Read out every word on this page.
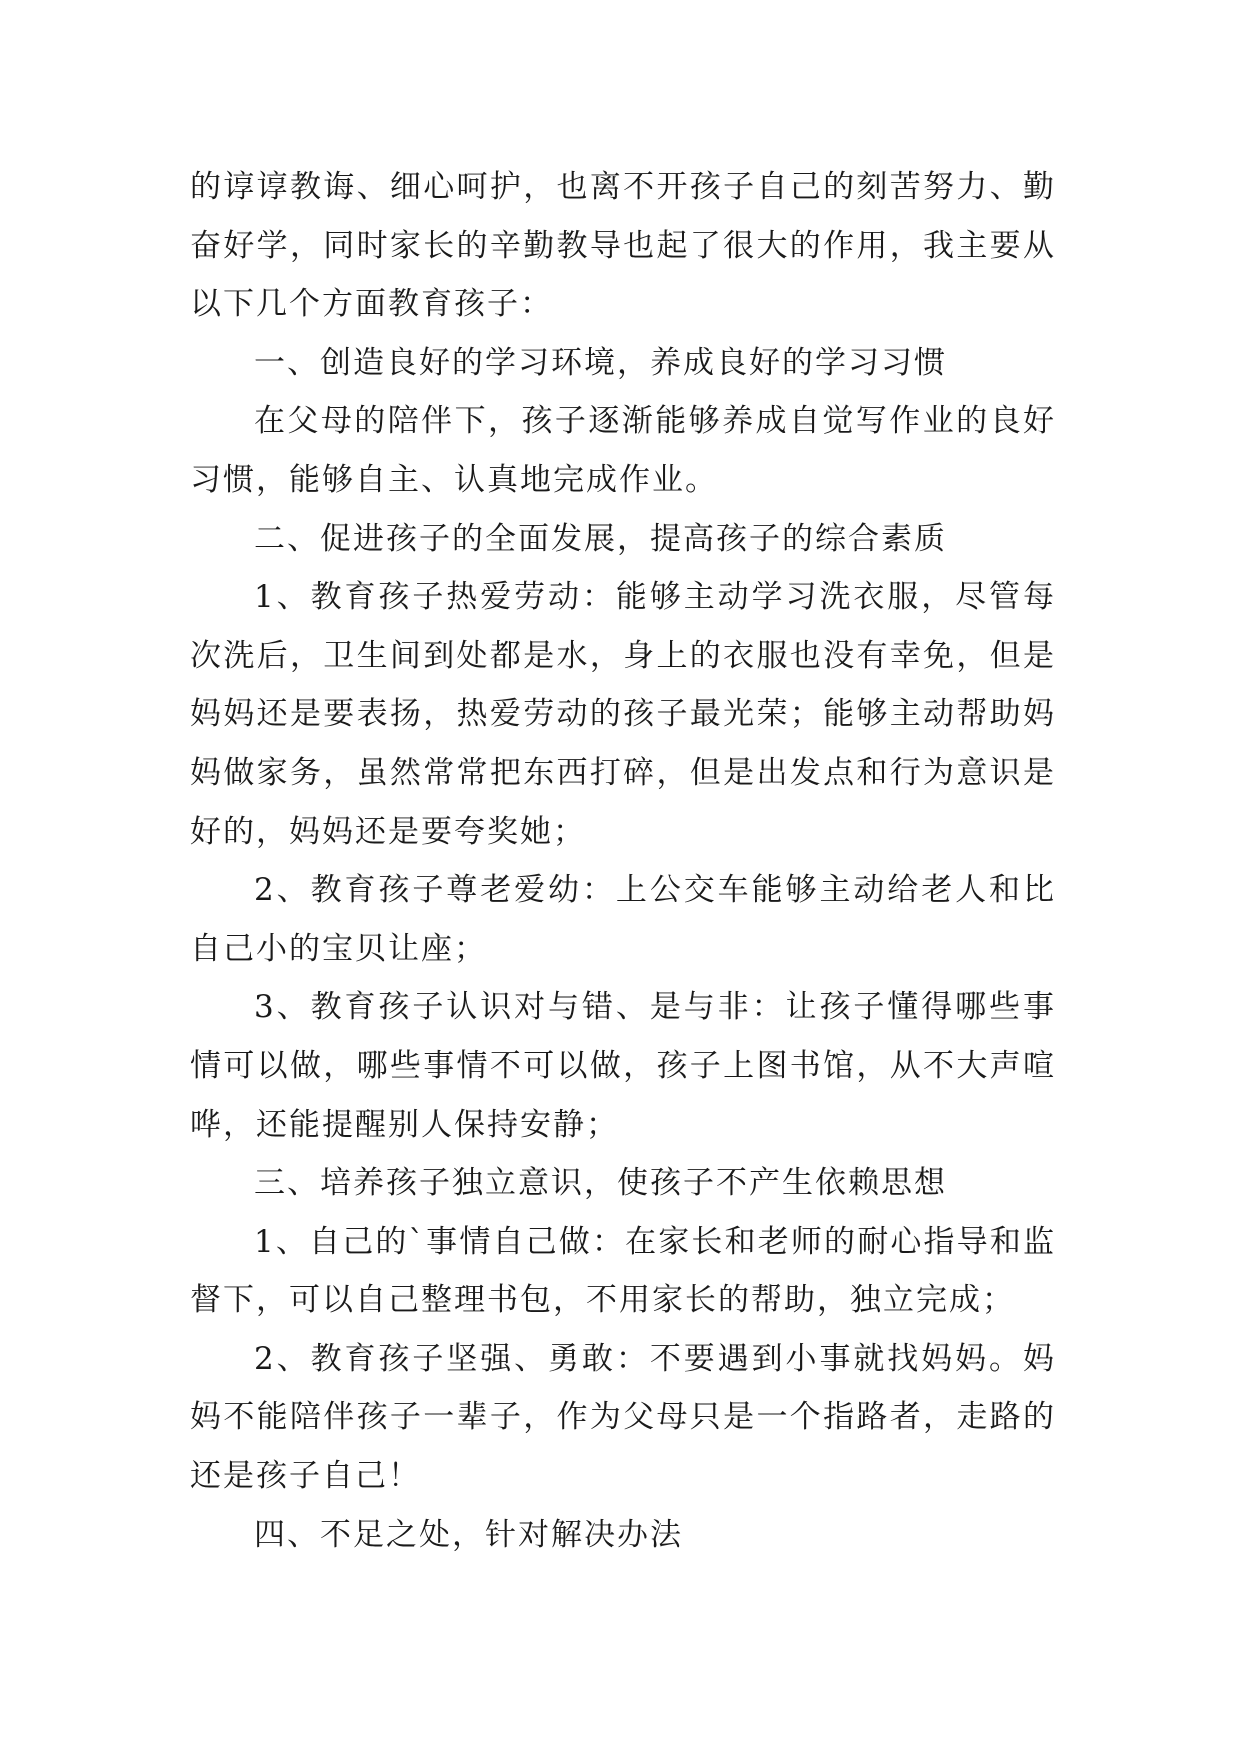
的谆谆教诲、细心呵护，也离不开孩子自己的刻苦努力、勤奋好学，同时家长的辛勤教导也起了很大的作用，我主要从以下几个方面教育孩子：

一、创造良好的学习环境，养成良好的学习习惯

在父母的陪伴下，孩子逐渐能够养成自觉写作业的良好习惯，能够自主、认真地完成作业。

二、促进孩子的全面发展，提高孩子的综合素质

1、教育孩子热爱劳动：能够主动学习洗衣服，尽管每次洗后，卫生间到处都是水，身上的衣服也没有幸免，但是妈妈还是要表扬，热爱劳动的孩子最光荣；能够主动帮助妈妈做家务，虽然常常把东西打碎，但是出发点和行为意识是好的，妈妈还是要夸奖她；

2、教育孩子尊老爱幼：上公交车能够主动给老人和比自己小的宝贝让座；

3、教育孩子认识对与错、是与非：让孩子懂得哪些事情可以做，哪些事情不可以做，孩子上图书馆，从不大声喧哗，还能提醒别人保持安静；

三、培养孩子独立意识，使孩子不产生依赖思想

1、自己的`事情自己做：在家长和老师的耐心指导和监督下，可以自己整理书包，不用家长的帮助，独立完成；

2、教育孩子坚强、勇敢：不要遇到小事就找妈妈。妈妈不能陪伴孩子一辈子，作为父母只是一个指路者，走路的还是孩子自己！

四、不足之处，针对解决办法
